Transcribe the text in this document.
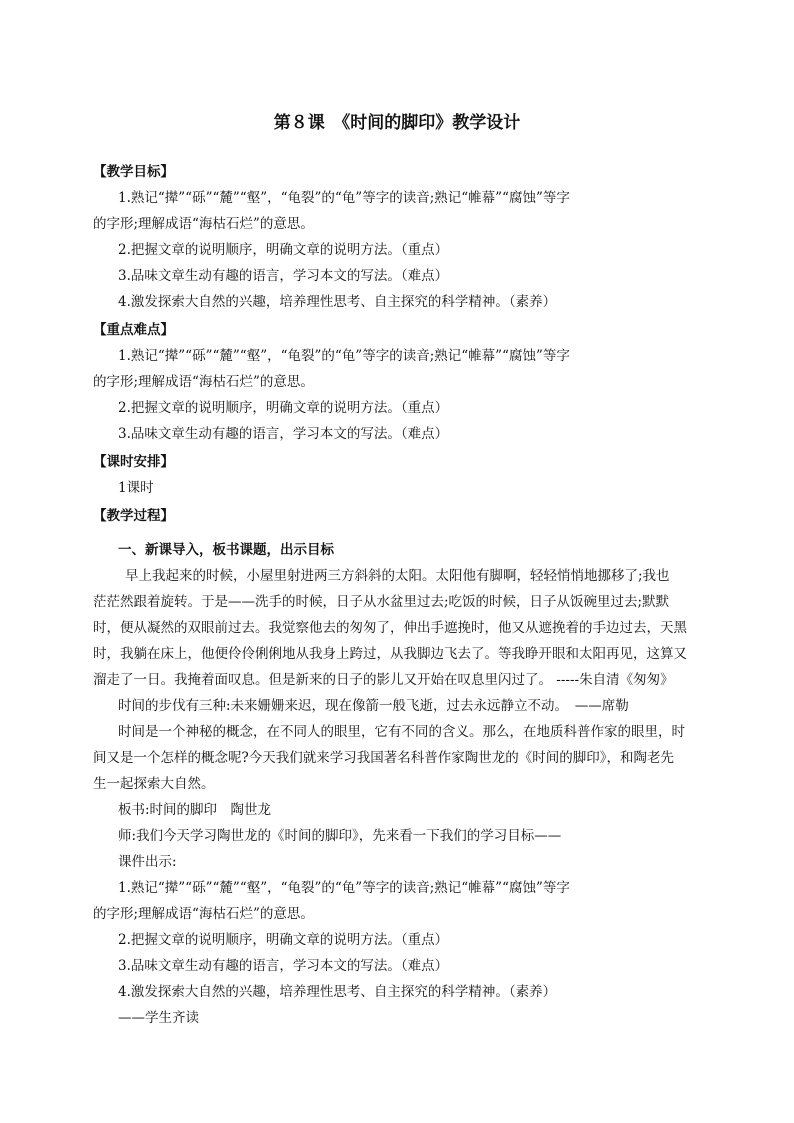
第８课　《时间的脚印》教学设计
【教学目标】
1.熟记“撵”“砾”“麓”“壑”，“龟裂”的“龟”等字的读音;熟记“帷幕”“腐蚀”等字
的字形;理解成语“海枯石烂”的意思。
2.把握文章的说明顺序，明确文章的说明方法。（重点）
3.品味文章生动有趣的语言，学习本文的写法。（难点）
4.激发探索大自然的兴趣，培养理性思考、自主探究的科学精神。（素养）
【重点难点】
1.熟记“撵”“砾”“麓”“壑”，“龟裂”的“龟”等字的读音;熟记“帷幕”“腐蚀”等字
的字形;理解成语“海枯石烂”的意思。
2.把握文章的说明顺序，明确文章的说明方法。（重点）
3.品味文章生动有趣的语言，学习本文的写法。（难点）
【课时安排】
1课时
【教学过程】
一、新课导入，板书课题，出示目标
早上我起来的时候，小屋里射进两三方斜斜的太阳。太阳他有脚啊，轻轻悄悄地挪移了;我也
茫茫然跟着旋转。于是——洗手的时候，日子从水盆里过去;吃饭的时候，日子从饭碗里过去;默默
时，便从凝然的双眼前过去。我觉察他去的匆匆了，伸出手遮挽时，他又从遮挽着的手边过去，天黑
时，我躺在床上，他便伶伶俐俐地从我身上跨过，从我脚边飞去了。等我睁开眼和太阳再见，这算又
溜走了一日。我掩着面叹息。但是新来的日子的影儿又开始在叹息里闪过了。 -----朱自清《匆匆》
时间的步伐有三种:未来姗姗来迟，现在像箭一般飞逝，过去永远静立不动。　——席勒
时间是一个神秘的概念，在不同人的眼里，它有不同的含义。那么，在地质科普作家的眼里，时
间又是一个怎样的概念呢?今天我们就来学习我国著名科普作家陶世龙的《时间的脚印》，和陶老先
生一起探索大自然。
板书:时间的脚印　陶世龙
师:我们今天学习陶世龙的《时间的脚印》，先来看一下我们的学习目标——
课件出示:
1.熟记“撵”“砾”“麓”“壑”，“龟裂”的“龟”等字的读音;熟记“帷幕”“腐蚀”等字
的字形;理解成语“海枯石烂”的意思。
2.把握文章的说明顺序，明确文章的说明方法。（重点）
3.品味文章生动有趣的语言，学习本文的写法。（难点）
4.激发探索大自然的兴趣，培养理性思考、自主探究的科学精神。（素养）
——学生齐读
